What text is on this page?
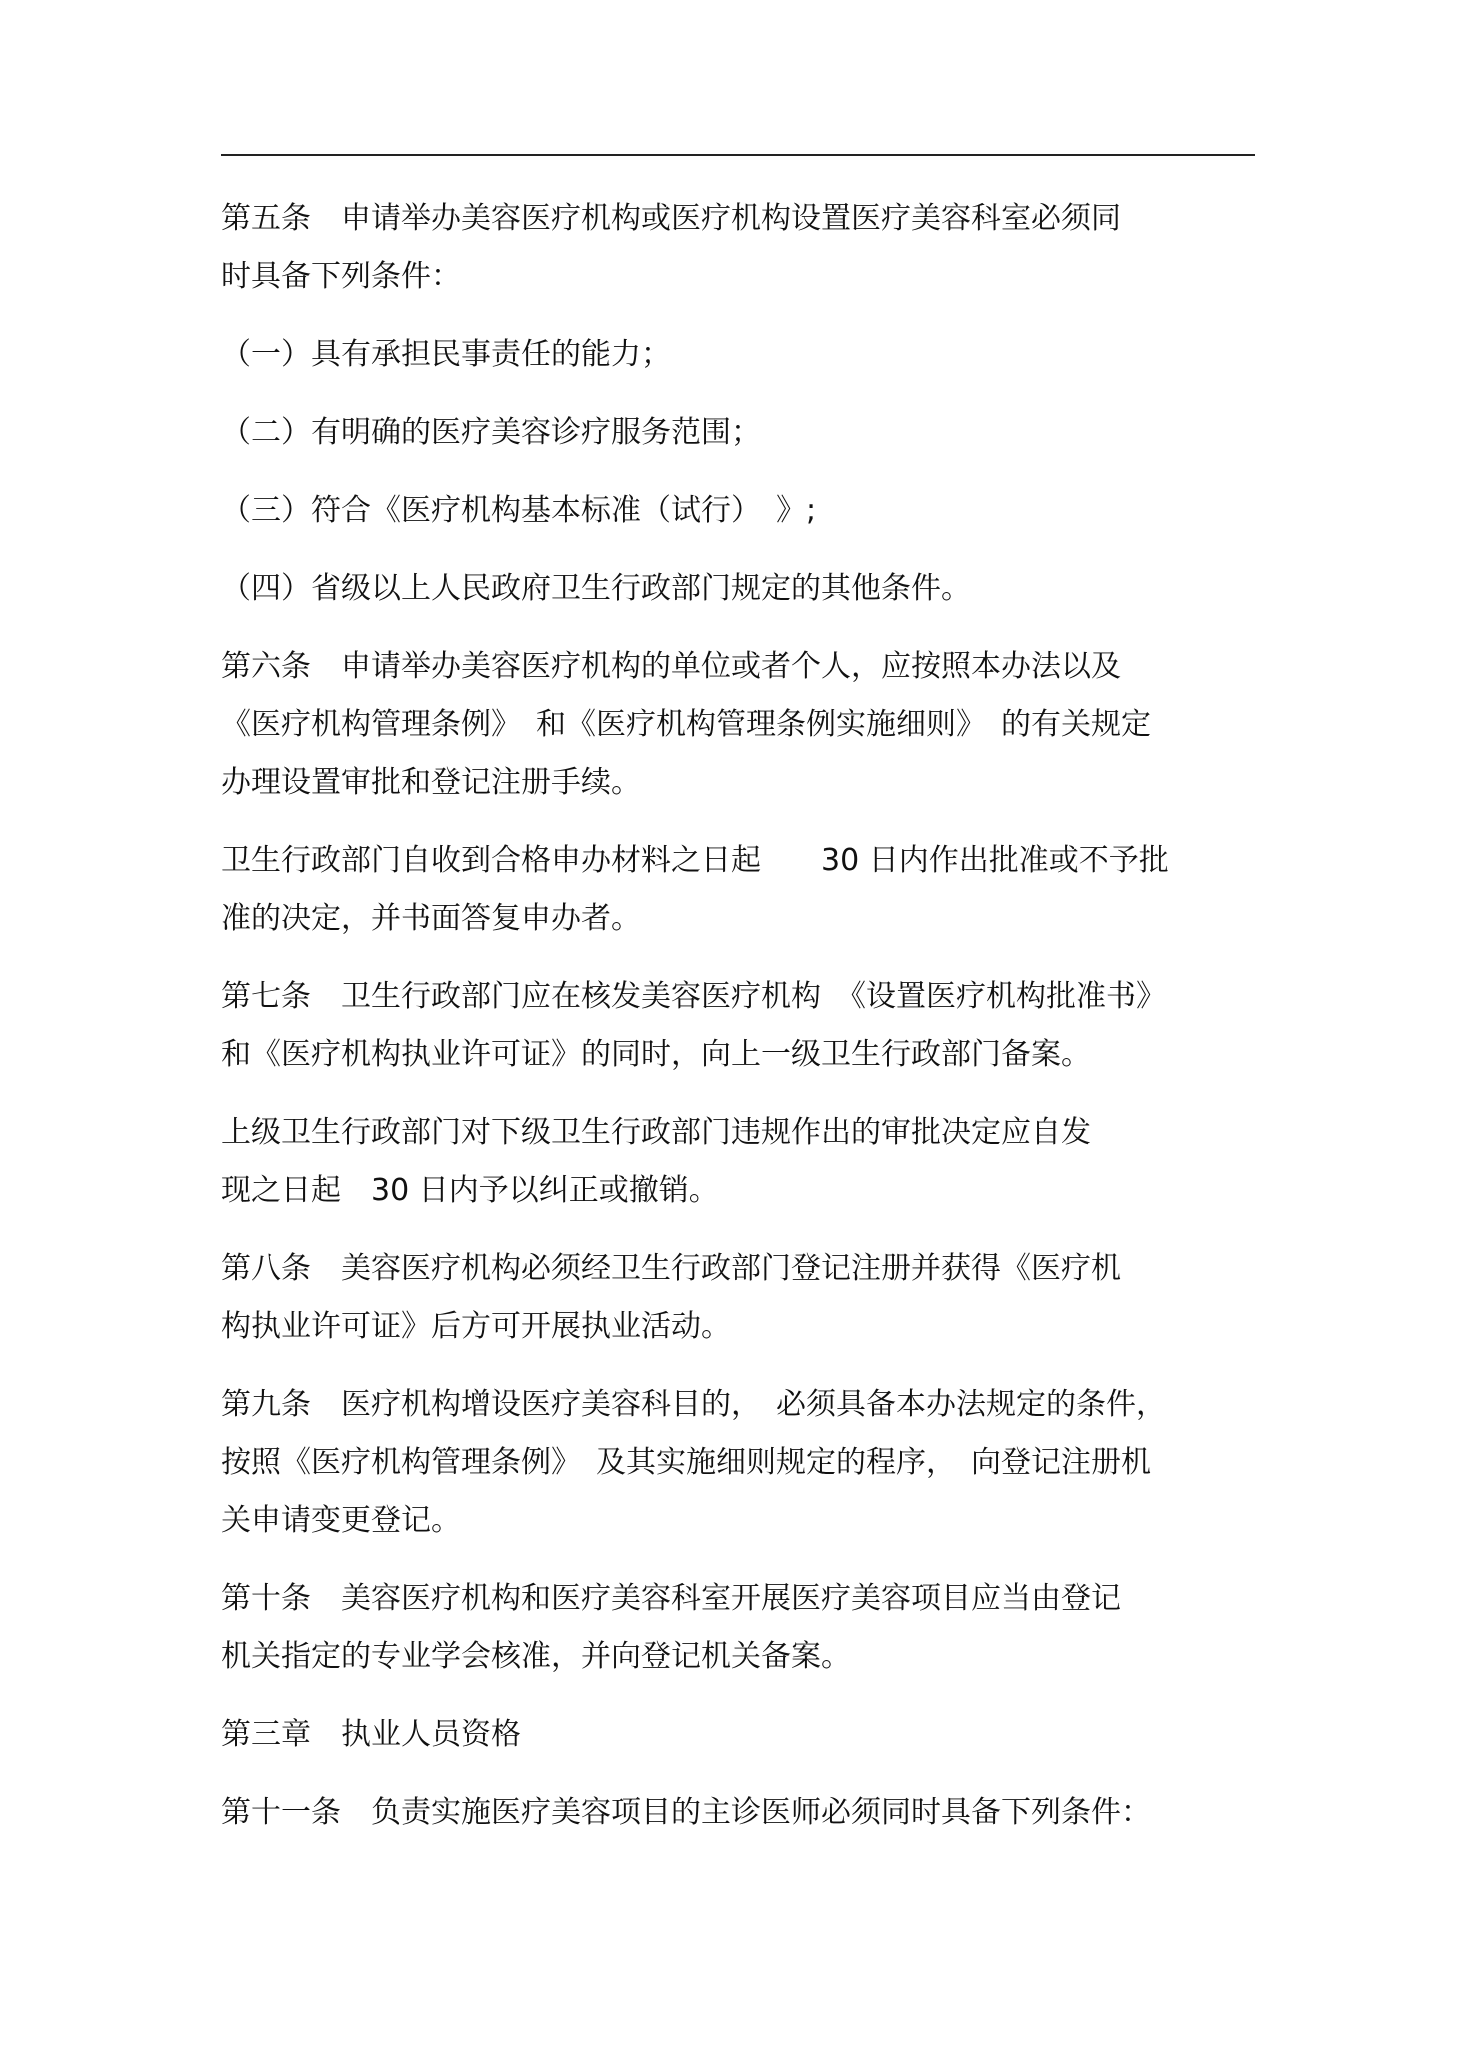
第五条　申请举办美容医疗机构或医疗机构设置医疗美容科室必须同
时具备下列条件：

（一）具有承担民事责任的能力；

（二）有明确的医疗美容诊疗服务范围；

（三）符合《医疗机构基本标准（试行）　》;

（四）省级以上人民政府卫生行政部门规定的其他条件。

第六条　申请举办美容医疗机构的单位或者个人，应按照本办法以及
《医疗机构管理条例》　和《医疗机构管理条例实施细则》　的有关规定
办理设置审批和登记注册手续。

卫生行政部门自收到合格申办材料之日起　　30 日内作出批准或不予批
准的决定，并书面答复申办者。

第七条　卫生行政部门应在核发美容医疗机构　《设置医疗机构批准书》
和《医疗机构执业许可证》的同时，向上一级卫生行政部门备案。

上级卫生行政部门对下级卫生行政部门违规作出的审批决定应自发
现之日起　30 日内予以纠正或撤销。

第八条　美容医疗机构必须经卫生行政部门登记注册并获得《医疗机
构执业许可证》后方可开展执业活动。

第九条　医疗机构增设医疗美容科目的，　必须具备本办法规定的条件，
按照《医疗机构管理条例》　及其实施细则规定的程序，　向登记注册机
关申请变更登记。

第十条　美容医疗机构和医疗美容科室开展医疗美容项目应当由登记
机关指定的专业学会核准，并向登记机关备案。

第三章　执业人员资格

第十一条　负责实施医疗美容项目的主诊医师必须同时具备下列条件：
